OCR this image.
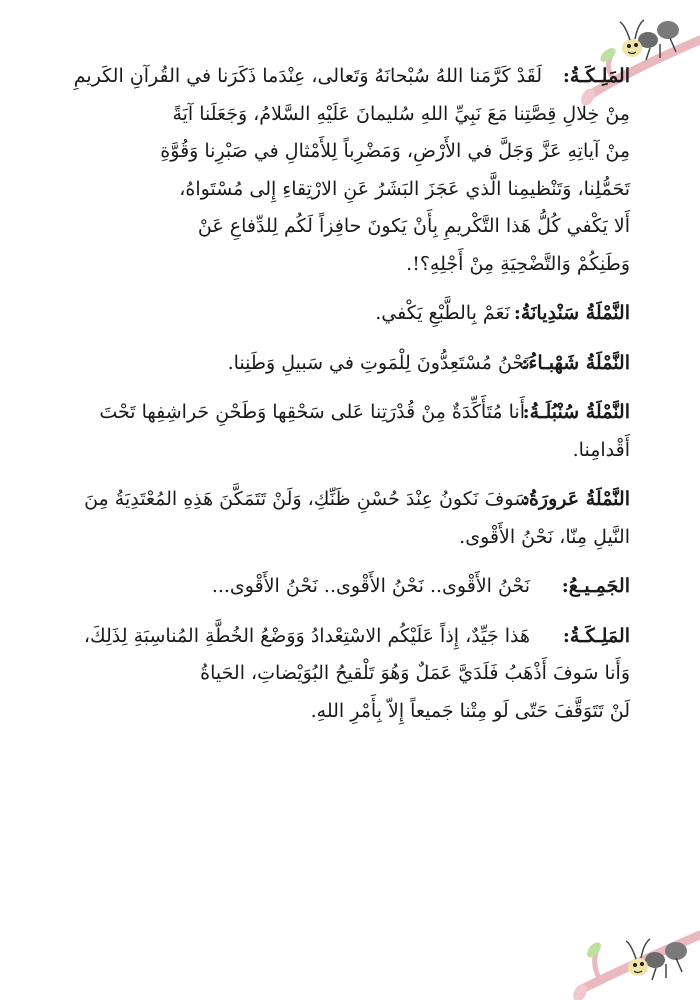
المَلِـكَـةُ:
لَقَدْ كَرَّمَنا اللهُ سُبْحانَهُ وَتَعالى، عِنْدَما ذَكَرَنا في القُرآنِ الكَريمِ
مِنْ خِلالِ قِصَّتِنا مَعَ نَبِيِّ اللهِ سُليمانَ عَلَيْهِ السَّلامُ، وَجَعَلَنا آيَةً
مِنْ آياتِهِ عَزَّ وَجَلَّ في الأَرْضِ، وَمَضْرِباً لِلأَمْثالِ في صَبْرِنا وَقُوَّةِ
تَحَمُّلِنا، وَتَنْظيمِنا الَّذي عَجَزَ البَشَرُ عَنِ الارْتِقاءِ إِلى مُسْتَواهُ،
أَلا يَكْفي كُلُّ هَذا التَّكْريمِ بِأَنْ يَكونَ حافِزاً لَكُم لِلدِّفاعِ عَنْ
وَطَنِكُمْ وَالتَّضْحِيَةِ مِنْ أَجْلِهِ؟!.
النَّمْلَةُ سَنْدِيانَةُ:
نَعَمْ بِالطَّبْعِ يَكْفي.
النَّمْلَةُ شَهْبـاءُ:
نَحْنُ مُسْتَعِدُّونَ لِلْمَوتِ في سَبيلِ وَطَنِنا.
النَّمْلَةُ سُنْبُلَـةُ:
أَنا مُتَأَكِّدَةٌ مِنْ قُدْرَتِنا عَلى سَحْقِها وَطَحْنِ حَراشِفِها تَحْتَ
أَقْدامِنا.
النَّمْلَةُ عَرورَةُ:
سَوفَ نَكونُ عِنْدَ حُسْنِ ظَنِّكِ، وَلَنْ تَتَمَكَّنَ هَذِهِ المُعْتَدِيَةُ مِنَ
النَّيلِ مِنّا، نَحْنُ الأَقْوى.
الجَمِـيـعُ:
نَحْنُ الأَقْوى.. نَحْنُ الأَقْوى.. نَحْنُ الأَقْوى...
المَلِـكَـةُ:
هَذا جَيِّدٌ، إِذاً عَلَيْكُم الاسْتِعْدادُ وَوَضْعُ الخُطَّةِ المُناسِبَةِ لِذَلِكَ،
وَأَنا سَوفَ أَذْهَبُ فَلَدَيَّ عَمَلٌ وَهُوَ تَلْقيحُ البُوَيْضاتِ، الحَياةُ
لَنْ تَتَوَقَّفَ حَتّى لَو مِتْنا جَميعاً إِلاّ بِأَمْرِ اللهِ.
